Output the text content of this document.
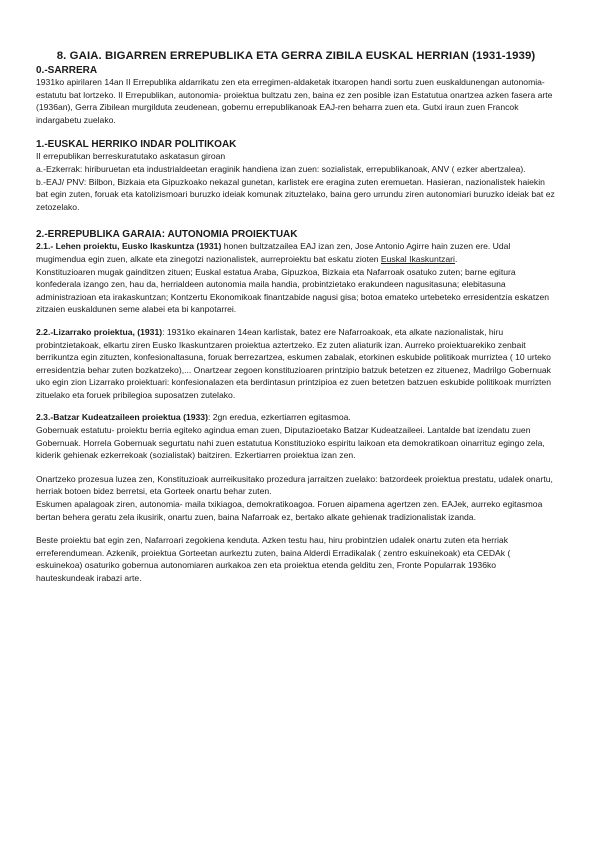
8. GAIA. BIGARREN ERREPUBLIKA ETA GERRA ZIBILA EUSKAL HERRIAN (1931-1939)
0.-SARRERA

1931ko apirilaren 14an II Errepublika aldarrikatu zen eta erregimen-aldaketak itxaropen handi sortu zuen euskaldunengan autonomia-estatutu bat lortzeko. II Errepublikan, autonomia- proiektua bultzatu zen, baina ez zen posible izan Estatutua onartzea azken fasera arte (1936an), Gerra Zibilean murgilduta zeudenean, gobernu errepublikanoak EAJ-ren beharra zuen eta. Gutxi iraun zuen Francok indargabetu zuelako.

1.-EUSKAL HERRIKO INDAR POLITIKOAK

II errepublikan berreskuratutako askatasun giroan

a.-Ezkerrak: hiriburuetan eta industrialdeetan eraginik handiena izan zuen: sozialistak, errepublikanoak, ANV ( ezker abertzalea).

b.-EAJ/ PNV: Bilbon, Bizkaia eta Gipuzkoako nekazal gunetan, karlistek ere eragina zuten eremuetan. Hasieran, nazionalistek haiekin bat egin zuten, foruak eta katolizismoari buruzko ideiak komunak zituztelako, baina gero urrundu ziren autonomiari buruzko ideiak bat ez zetozelako.

2.-ERREPUBLIKA GARAIA: AUTONOMIA PROIEKTUAK

2.1.- Lehen proiektu, Eusko Ikaskuntza (1931) honen bultzatzailea EAJ izan zen, Jose Antonio Agirre hain zuzen ere. Udal mugimendua egin zuen, alkate eta zinegotzi nazionalistek, aurreproiektu bat eskatu zioten Euskal Ikaskuntzari.

Konstituzioaren mugak gainditzen zituen; Euskal estatua Araba, Gipuzkoa, Bizkaia eta Nafarroak osatuko zuten; barne egitura konfederala izango zen, hau da, herrialdeen autonomia maila handia, probintzietako erakundeen nagusitasuna; elebitasuna administrazioan eta irakaskuntzan; Kontzertu Ekonomikoak finantzabide nagusi gisa; botoa emateko urtebeteko erresidentzia eskatzen zitzaien euskaldunen seme alabei eta bi kanpotarrei.

2.2.-Lizarrako proiektua, (1931): 1931ko ekainaren 14ean karlistak, batez ere Nafarroakoak, eta alkate nazionalistak, hiru probintzietakoak, elkartu ziren Eusko Ikaskuntzaren proiektua aztertzeko. Ez zuten aliaturik izan. Aurreko proiektuarekiko zenbait berrikuntza egin zituzten, konfesionaltasuna, foruak berrezartzea, eskumen zabalak, etorkinen eskubide politikoak murriztea ( 10 urteko erresidentzia behar zuten bozkatzeko),... Onartzear zegoen konstituzioaren printzipio batzuk betetzen ez zituenez, Madrilgo Gobernuak uko egin zion Lizarrako proiektuari: konfesionalazen eta berdintasun printzipioa ez zuen betetzen batzuen eskubide politikoak murrizten zituelako eta foruek pribilegioa suposatzen zutelako.

2.3.-Batzar Kudeatzaileen proiektua (1933): 2gn eredua, ezkertiarren egitasmoa.

Gobernuak estatutu- proiektu berria egiteko agindua eman zuen, Diputazioetako Batzar Kudeatzaileei. Lantalde bat izendatu zuen Gobernuak. Horrela Gobernuak segurtatu nahi zuen estatutua Konstituzioko espiritu laikoan eta demokratikoan oinarrituz egingo zela, kiderik gehienak ezkerrekoak (sozialistak) baitziren. Ezkertiarren proiektua izan zen.

Onartzeko prozesua luzea zen, Konstituzioak aurreikusitako prozedura jarraitzen zuelako: batzordeek proiektua prestatu, udalek onartu, herriak botoen bidez berretsi, eta Gorteek onartu behar zuten.

Eskumen apalagoak ziren, autonomia- maila txikiagoa, demokratikoagoa. Foruen aipamena agertzen zen. EAJek, aurreko egitasmoa bertan behera geratu zela ikusirik, onartu zuen, baina Nafarroak ez, bertako alkate gehienak tradizionalistak izanda.

Beste proiektu bat egin zen, Nafarroari zegokiena kenduta. Azken testu hau, hiru probintzien udalek onartu zuten eta herriak erreferendumean. Azkenik, proiektua Gorteetan aurkeztu zuten, baina Alderdi Erradikalak ( zentro eskuinekoak) eta CEDAk ( eskuinekoa) osaturiko gobernua autonomiaren aurkakoa zen eta proiektua etenda gelditu zen, Fronte Popularrak 1936ko hauteskundeak irabazi arte.
